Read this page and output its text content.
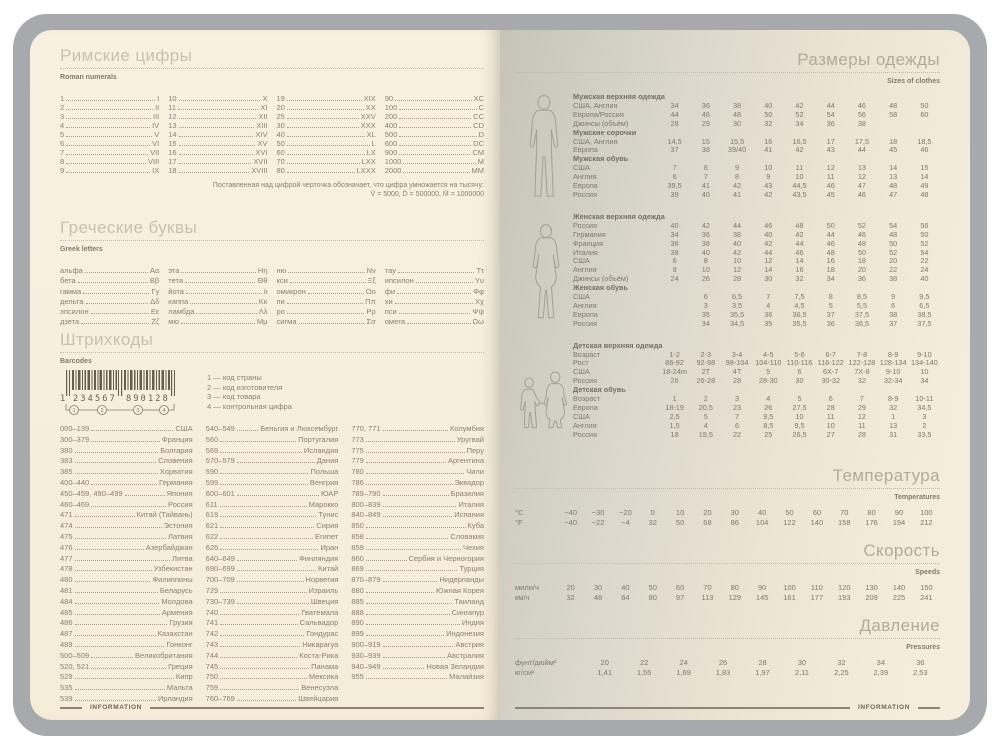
Римские цифры
Roman numerals
1	I
2	II
3	III
4	IV
5	V
6	VI
7	VII
8	VIII
9	IX
10	X
11	XI
12	XII
13	XIII
14	XIV
15	XV
16	XVI
17	XVII
18	XVIII
19	XIX
20	XX
25	XXV
30	XXX
40	XL
50	L
60	LX
70	LXX
80	LXXX
90	XC
100	C
200	CC
400	CD
500	D
600	DC
900	CM
1000	M
2000	MM
Поставленная над цифрой черточка обозначает, что цифра умножается на тысячу:
V̄ = 5000, D̄ = 500000, M̄ = 1000000
Греческие буквы
Greek letters
альфа	Αα
бета	Ββ
гамма	Γγ
дельта	Δδ
эпсилон	Εε
дзета	Ζζ
эта	Ηη
тета	Θθ
йота	Ιι
каппа	Κκ
ламбда	Λλ
мю	Μμ
ню	Νν
кси	Ξξ
омикрон	Οο
пи	Ππ
ро	Ρρ
сигма	Σσ
тау	Ττ
ипсилон	Υυ
фи	Φφ
хи	Χχ
пси	Ψψ
омега	Ωω
Штрихкоды
Barcodes
1 234567 890128
1	2	3	4
1 — код страны
2 — код изготовителя
3 — код товара
4 — контрольная цифра
000–139	США
300–379	Франция
380	Болгария
383	Словения
385	Хорватия
400–440	Германия
450–459, 490–499	Япония
460–469	Россия
471	Китай (Тайвань)
474	Эстония
475	Латвия
476	Азербайджан
477	Литва
478	Узбекистан
480	Филиппины
481	Беларусь
484	Молдова
485	Армения
486	Грузия
487	Казахстан
489	Гонконг
500–509	Великобритания
520, 521	Греция
529	Кипр
535	Мальта
539	Ирландия
540–549	Бельгия и Люксембург
560	Португалия
569	Исландия
570–579	Дания
590	Польша
599	Венгрия
600–601	ЮАР
611	Марокко
619	Тунис
621	Сирия
622	Египет
626	Иран
640–649	Финляндия
690–699	Китай
700–709	Норвегия
729	Израиль
730–739	Швеция
740	Гватемала
741	Сальвадор
742	Гондурас
743	Никарагуа
744	Коста-Рика
745	Панама
750	Мексика
759	Венесуэла
760–769	Швейцария
770, 771	Колумбия
773	Уругвай
775	Перу
779	Аргентина
780	Чили
786	Эквадор
789–790	Бразилия
800–839	Италия
840–849	Испания
850	Куба
858	Словакия
859	Чехия
860	Сербия и Черногория
869	Турция
870–879	Нидерланды
880	Южная Корея
885	Таиланд
888	Сингапур
890	Индия
899	Индонезия
900–919	Австрия
930–939	Австралия
940–949	Новая Зеландия
955	Малайзия
INFORMATION
Размеры одежды
Sizes of clothes
Мужская верхняя одежда
США, Англия	34	36	38	40	42	44	46	48	50
Европа/Россия	44	46	48	50	52	54	56	58	60
Джинсы (объём)	28	29	30	32	34	36	38
Мужские сорочки
США, Англия	14,5	15	15,5	16	16,5	17	17,5	18	18,5
Европа	37	38	39/40	41	42	43	44	45	46
Мужская обувь
США	7	8	9	10	11	12	13	14	15
Англия	6	7	8	9	10	11	12	13	14
Европа	39,5	41	42	43	44,5	46	47	48	49
Россия	39	40	41	42	43,5	45	46	47	48
Женская верхняя одежда
Россия	40	42	44	46	48	50	52	54	56
Германия	34	36	38	40	42	44	46	48	50
Франция	36	38	40	42	44	46	48	50	52
Италия	38	40	42	44	46	48	50	52	54
США	6	8	10	12	14	16	18	20	22
Англия	8	10	12	14	16	18	20	22	24
Джинсы (объём)	24	26	28	30	32	34	36	38	40
Женская обувь
США	6	6,5	7	7,5	8	8,5	9	9,5
Англия	3	3,5	4	4,5	5	5,5	6	6,5
Европа	35	35,5	36	36,5	37	37,5	38	38,5
Россия	34	34,5	35	35,5	36	36,5	37	37,5
Детская верхняя одежда
Возраст	1-2	2-3	3-4	4-5	5-6	6-7	7-8	8-9	9-10
Рост	86-92	92-98	98-104 104-110 110-116 116-122 122-128 128-134 134-140
США	18-24m	2T	4T	5	6	6X-7	7X-8	9-10	10
Россия	26	26-28	28	28-30	30	30-32	32	32-34	34
Детская обувь
Возраст	1	2	3	4	5	6	7	8-9	10-11
Европа	18-19	20,5	23	26	27,5	28	29	32	34,5
США	2,5	5	7	9,5	10	11	12	1	3
Англия	1,5	4	6	8,5	9,5	10	11	13	2
Россия	18	19,5	22	25	26,5	27	28	31	33,5
Температура
Temperatures
°C	−40	−30	−20	0	10	20	30	40	50	60	70	80	90	100
°F	−40	−22	−4	32	50	68	86	104	122	140	158	176	194	212
Скорость
Speeds
мили/ч	20	30	40	50	60	70	80	90	100	110	120	130	140	150
км/ч	32	48	64	80	97	113	129	145	161	177	193	209	225	241
Давление
Pressures
фунт/дюйм²	20	22	24	26	28	30	32	34	36
кг/см²	1,41	1,55	1,69	1,83	1,97	2,11	2,25	2,39	2,53
INFORMATION
